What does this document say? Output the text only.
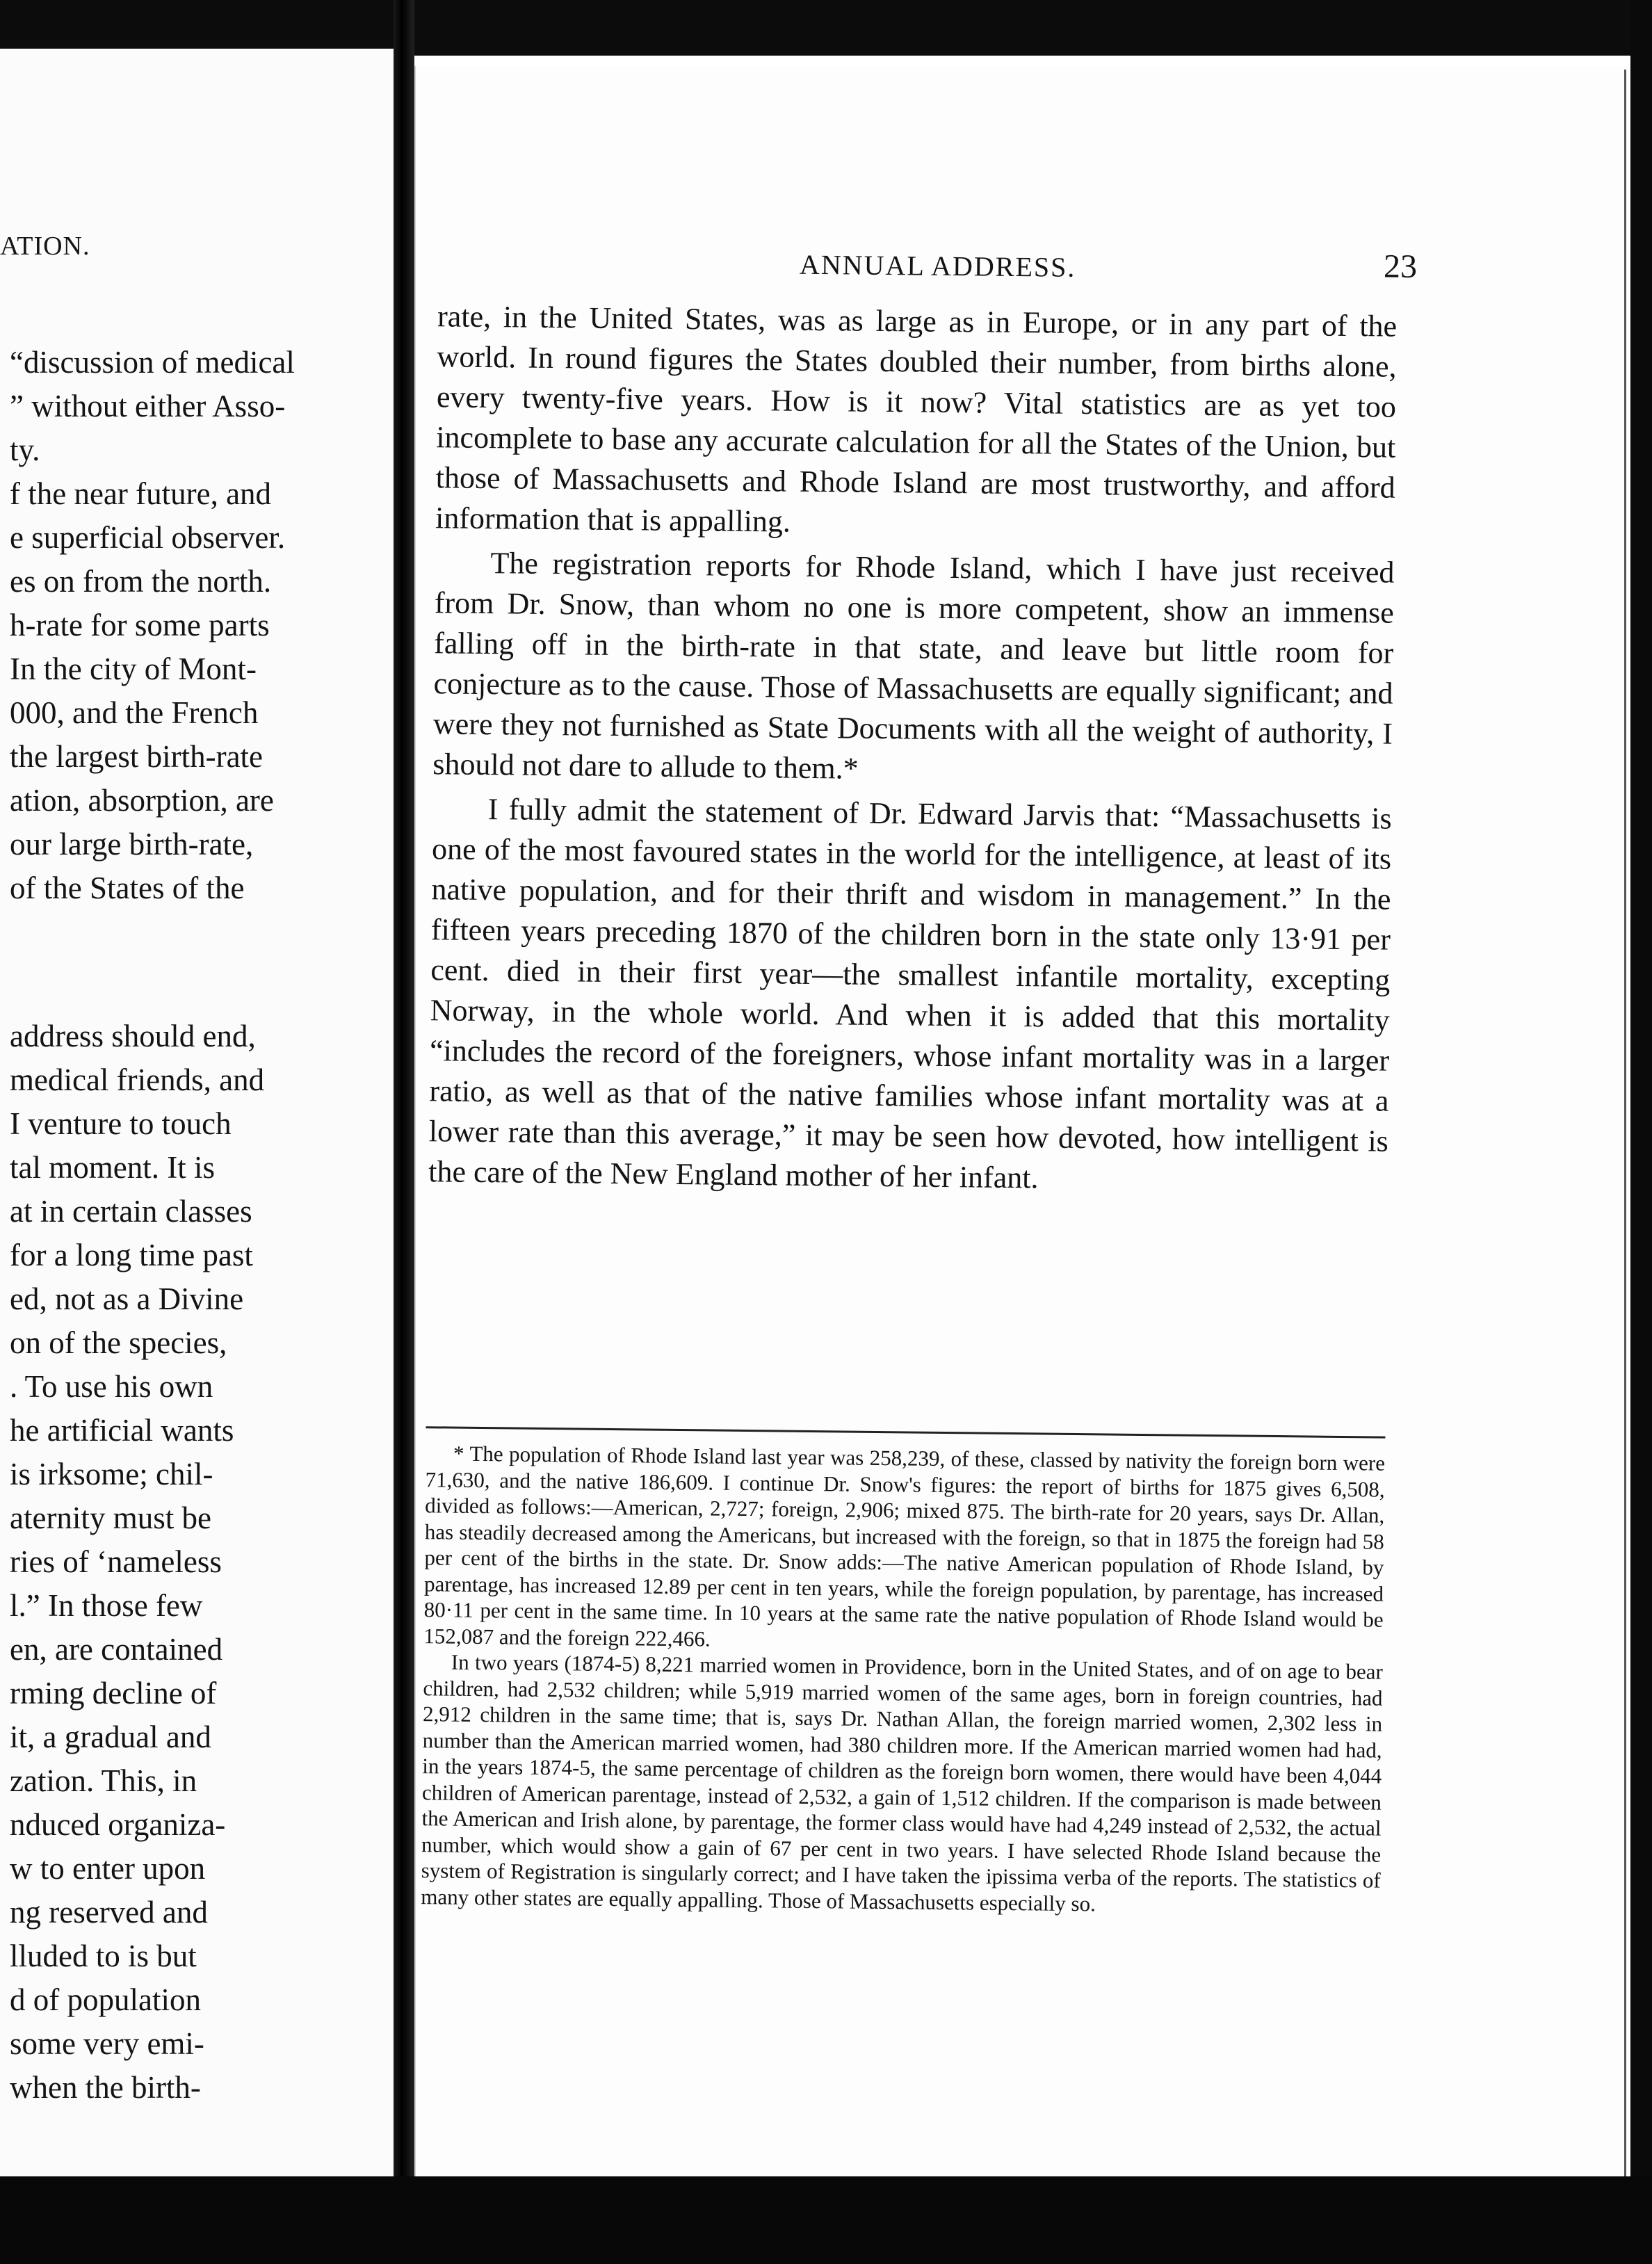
ATION.
“discussion of medical
” without either Asso-
ty.
f the near future, and
e superficial observer.
es on from the north.
h-rate for some parts
In the city of Mont-
000, and the French
the largest birth-rate
ation, absorption, are
our large birth-rate,
of the States of the
address should end,
medical friends, and
I venture to touch
tal moment. It is
at in certain classes
for a long time past
ed, not as a Divine
on of the species,
. To use his own
he artificial wants
is irksome; chil-
aternity must be
ries of ‘nameless
l.” In those few
en, are contained
rming decline of
it, a gradual and
zation. This, in
nduced organiza-
w to enter upon
ng reserved and
lluded to is but
d of population
some very emi-
when the birth-
ANNUAL ADDRESS.	23

rate, in the United States, was as large as in Europe, or in any part of the world. In round figures the States doubled their number, from births alone, every twenty-five years. How is it now? Vital statistics are as yet too incomplete to base any accurate calculation for all the States of the Union, but those of Massachusetts and Rhode Island are most trustworthy, and afford information that is appalling.

The registration reports for Rhode Island, which I have just received from Dr. Snow, than whom no one is more competent, show an immense falling off in the birth-rate in that state, and leave but little room for conjecture as to the cause. Those of Massachusetts are equally significant; and were they not furnished as State Documents with all the weight of authority, I should not dare to allude to them.*

I fully admit the statement of Dr. Edward Jarvis that: “Massachusetts is one of the most favoured states in the world for the intelligence, at least of its native population, and for their thrift and wisdom in management.” In the fifteen years preceding 1870 of the children born in the state only 13·91 per cent. died in their first year—the smallest infantile mortality, excepting Norway, in the whole world. And when it is added that this mortality “includes the record of the foreigners, whose infant mortality was in a larger ratio, as well as that of the native families whose infant mortality was at a lower rate than this average,” it may be seen how devoted, how intelligent is the care of the New England mother of her infant.

* The population of Rhode Island last year was 258,239, of these, classed by nativity the foreign born were 71,630, and the native 186,609. I continue Dr. Snow's figures: the report of births for 1875 gives 6,508, divided as follows:—American, 2,727; foreign, 2,906; mixed 875. The birth-rate for 20 years, says Dr. Allan, has steadily decreased among the Americans, but increased with the foreign, so that in 1875 the foreign had 58 per cent of the births in the state. Dr. Snow adds:—The native American population of Rhode Island, by parentage, has increased 12.89 per cent in ten years, while the foreign population, by parentage, has increased 80·11 per cent in the same time. In 10 years at the same rate the native population of Rhode Island would be 152,087 and the foreign 222,466.

In two years (1874-5) 8,221 married women in Providence, born in the United States, and of on age to bear children, had 2,532 children; while 5,919 married women of the same ages, born in foreign countries, had 2,912 children in the same time; that is, says Dr. Nathan Allan, the foreign married women, 2,302 less in number than the American married women, had 380 children more. If the American married women had had, in the years 1874-5, the same percentage of children as the foreign born women, there would have been 4,044 children of American parentage, instead of 2,532, a gain of 1,512 children. If the comparison is made between the American and Irish alone, by parentage, the former class would have had 4,249 instead of 2,532, the actual number, which would show a gain of 67 per cent in two years. I have selected Rhode Island because the system of Registration is singularly correct; and I have taken the ipissima verba of the reports. The statistics of many other states are equally appalling. Those of Massachusetts especially so.
